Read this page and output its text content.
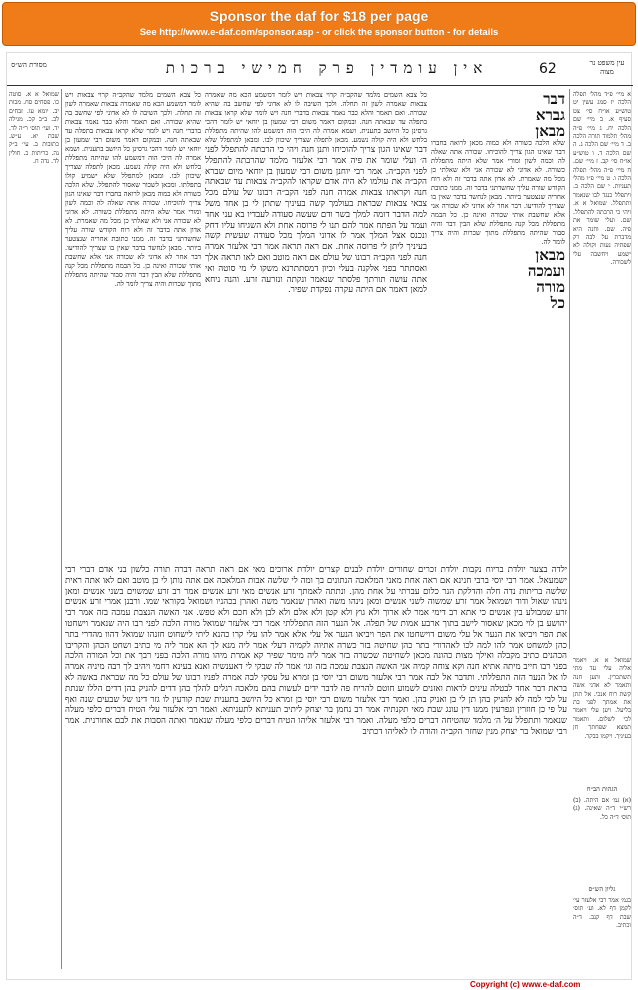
Sponsor the daf for $18 per page
See http://www.e-daf.com/sponsor.asp - or click the sponsor button - for details
מסורת הש״ס	אין עומדין פרק חמישי ברכות	62	עין משפט נר מצוה
א מיי׳ פ״ד מהל׳ תפלה הלכה יז סמג עשין יט טוש״ע או״ח סי׳ צט סעיף א. ב מיי׳ שם הלכה יח. ג מיי׳ פ״ה מהל׳ תלמוד תורה הלכה ב. ד מיי׳ שם הלכה ג. ה שם הלכה ד. ו טוש״ע או״ח סי׳ קב. ז מיי׳ שם. ח מיי׳ פ״ה מהל׳ תפלה הלכה ו. ט מיי׳ פ״ו מהל׳ תעניות. י שם הלכה ב. ויתפלל כנגד לבו שנאמר ותתפלל. שמואל א א. ויהי כי הרבתה להתפלל. שם. ועלי שומר את פיה. שם. וחנה היא מדברת על לבה רק שפתיה נעות וקולה לא ישמע ויחשבה עלי לשכורה.
דבר
גברא
מבאן
שלא הלכה כשורה ולא כמוה מכאן לרואה בחברו דבר שאינו הגון צריך להוכיחו. שכורה אתה שאלה לה וכמה לשון ומורי אמר שלא היתה מתפללת כשורה. לא אדוני לא שכורה אני ולא שאלתי כן מכל מה שאמרת. לא אדון אתה בדבר זה ולא רוח הקודש שורה עליך שחשדתני בדבר זה. ממני כתובת אחריה שנצטער ביותר. מבאן לנחשד בדבר שאין בו שצריך להודיעו. דבר אחר לא אדוני לא שכורה אני אלא שחשבת אותי שכורה ואינה כן. כל הבמה מתפללת מכל קנה מתפללת שלא הבין דבר והיה סבור שהיתה מתפללת מתוך שכרות והיה צריך לומר לה.
מבאן
ועמכה
מורה
כל
דבר שאינו הגון צריך להוכיחו ותנן חנה ויהי כי הרבתה להתפלל לפני ה׳ ועלי שומר את פיה אמר רבי אלעזר מלמד שהרבתה להתפלל לפני הקב״ה. אמר רבי יוחנן משום רבי שמעון בן יוחאי מיום שברא הקב״ה את עולמו לא היה אדם שקראו להקב״ה צבאות עד שבאתה חנה וקראתו צבאות אמרה חנה לפני הקב״ה רבונו של עולם מכל צבאי צבאות שבראת בעולמך קשה בעיניך שתתן לי בן אחד משל למה הדבר דומה למלך בשר ודם שעשה סעודה לעבדיו בא עני אחד ועמד על הפתח אמר להם תנו לי פרוסה אחת ולא השגיחו עליו דחק ונכנס אצל המלך אמר לו אדוני המלך מכל סעודה שעשית קשה בעיניך ליתן לי פרוסה אחת. אם ראה תראה אמר רבי אלעזר אמרה חנה לפני הקב״ה רבונו של עולם אם ראה מוטב ואם לאו תראה אלך ואסתתר בפני אלקנה בעלי וכיון דמסתתרנא משקו לי מי סוטה ואי אתה עושה תורתך פלסתר שנאמר ונקתה ונזרעה זרע. והנה ניחא למאן דאמר אם היתה עקרה נפקדת שפיר.
כל צבא השמים מלמד שהקב״ה קרוי צבאות ויש לומר דמשמע הכא מה שאמרה צבאות שאמרה לשון זה תחלה. ולכך השיבה לו לא אדוני לפי שחשב בה שהיא שכורה. ואם תאמר והלא כבר נאמר צבאות בדברי חנה ויש לומר שלא קראו צבאות בתפלה עד שבאתה חנה. ובמקום דאמר משום רבי שמעון בן יוחאי יש לומר דהכי גרסינן כל היושב בתענית. ושמא אמרה לה היכי הוה דמשמע להו שהיתה מתפללת בלחש ולא היה קולה נשמע. מכאן לתפלה שצריך שיכוון לבו. ומבאן למתפלל שלא
כל צבא השמים מלמד שהקב״ה קרוי צבאות ויש לומר דמשמע הכא מה שאמרה צבאות שאמרה לשון זה תחלה. ולכך השיבה לו לא אדוני לפי שחשב בה שהיא שכורה. ואם תאמר והלא כבר נאמר צבאות בדברי חנה ויש לומר שלא קראו צבאות בתפלה עד שבאתה חנה. ובמקום דאמר משום רבי שמעון בן יוחאי יש לומר דהכי גרסינן כל היושב בתענית. ושמא אמרה לה היכי הוה דמשמע להו שהיתה מתפללת בלחש ולא היה קולה נשמע. מכאן לתפלה שצריך שיכוון לבו. ומבאן למתפלל שלא ישמיע קולו בתפלתו. ומכאן לשכור שאסור להתפלל. שלא הלכה כשורה ולא כמוה מכאן לרואה בחברו דבר שאינו הגון צריך להוכיחו. שכורה אתה שאלה לה וכמה לשון ומורי אמר שלא היתה מתפללת כשורה. לא אדוני לא שכורה אני ולא שאלתי כן מכל מה שאמרת. לא אדון אתה בדבר זה ולא רוח הקודש שורה עליך שחשדתני בדבר זה. ממני כתובת אחריה שנצטער ביותר. מבאן לנחשד בדבר שאין בו שצריך להודיעו. דבר אחר לא אדוני לא שכורה אני אלא שחשבת אותי שכורה ואינה כן. כל הבמה מתפללת מכל קנה מתפללת שלא הבין דבר והיה סבור שהיתה מתפללת מתוך שכרות והיה צריך לומר לה.
שמואל א א. סוטה כו. פסחים סח. מכות יב. יומא עו. זבחים לב. ב״ב קכ. מגילה יד. ועי׳ תוס׳ ר״ה לד. שבת יא. ע״ש. כתובות ב. עי׳ ב״ק נה. כריתות כ. חולין לד. נדה ח.
ילדה בצער יולדת בריוח נקבות יולדת זכרים שחורים יולדת לבנים קצרים יולדת ארוכים מאי אם ראה תראה דברה תורה כלשון בני אדם דברי רבי ישמעאל. אמר רבי יוסי ברבי חנינא אם ראה אחת מאני המלאכה הנתונים בך ומה לי שלשה אבות המלאכה אם אתה נותן לי בן מוטב ואם לאו אתה ראית שלשה בריתות נדה חלה והדלקת הנר כלום עברתי על אחת מהן. ונתתה לאמתך זרע אנשים מאי זרע אנשים אמר רב זרע שמשוים בשני אנשים ומאן נינהו שאול ודוד ושמואל אמר זרע שמשוה לשני אנשים ומאן נינהו משה ואהרן שנאמר משה ואהרן בכהניו ושמואל בקוראי שמו. ורבנן אמרי זרע אנשים זרע שמבולע בין אנשים כי אתא רב דימי אמר לא ארוך ולא גוץ ולא קטן ולא אלם ולא לבן ולא חכם ולא טפש. אני האשה הנצבת עמכה בזה אמר רבי יהושע בן לוי מכאן שאסור לישב בתוך ארבע אמות של תפלה. אל הנער הזה התפללתי אמר רבי אלעזר שמואל מורה הלכה לפני רבו היה שנאמר וישחטו את הפר ויביאו את הנער אל עלי משום דוישחטו את הפר ויביאו הנער אל עלי אלא אמר להו עלי קרו כהנא ליתי לישחוט חזנהו שמואל דהוו מהדרי בתר כהן למשחט אמר להו למה לכו לאהדורי בתר כהן שחיטה בזר כשרה אתיוה לקמיה דעלי אמר ליה מנא לך הא אמר ליה מי כתיב ושחט הכהן והקריבו הכהנים כתיב מקבלה ואילך מצות כהונה מכאן לשחיטה שכשרה בזר אמר ליה מימר שפיר קא אמרת מיהו מורה הלכה בפני רבך את וכל המורה הלכה בפני רבו חייב מיתה אתיא חנה וקא צוחה קמיה אני האשה הנצבת עמכה בזה וגו׳ אמר לה שבקי לי דאענשיה ואנא בעינא רחמי ויהיב לך רבה מיניה אמרה לו אל הנער הזה התפללתי. ותדבר אל לבה אמר רבי אלעזר משום רבי יוסי בן זמרא על עסקי לבה אמרה לפניו רבונו של עולם כל מה שבראת באשה לא בראת דבר אחד לבטלה עינים לראות ואזנים לשמוע חוטם להריח פה לדבר ידים לעשות בהם מלאכה רגלים להלך בהן דדים להניק בהן דדים הללו שנתת על לבי למה לא להניק בהן תן לי בן ואניק בהן. ואמר רבי אלעזר משום רבי יוסי בן זמרא כל היושב בתענית שבת קורעין לו גזר דינו של שבעים שנה ואף על פי כן חוזרין ונפרעין ממנו דין עונג שבת מאי תקנתיה אמר רב נחמן בר יצחק ליתיב תעניתא לתעניתא. ואמר רבי אלעזר עלי הטיח דברים כלפי מעלה שנאמר ותתפלל על ה׳ מלמד שהטיחה דברים כלפי מעלה. ואמר רבי אלעזר אליהו הטיח דברים כלפי מעלה שנאמר ואתה הסבות את לבם אחורנית. אמר רבי שמואל בר יצחק מנין שחזר הקב״ה והודה לו לאליהו דכתיב
שמואל א א. ויאמר אליה עלי עד מתי תשתכרין. ותען חנה ותאמר לא אדני אשה קשת רוח אנכי. אל תתן את אמתך לפני בת בליעל. ויען עלי ויאמר לכי לשלום. ותאמר תמצא שפחתך חן בעיניך. ויקמו בבקר.
הגהות הב״ח
(א) גמ׳ אם היתה. (ב) רש״י ד״ה שאינה. (ג) תוס׳ ד״ה כל.
גליון הש״ס
בגמ׳ אמר רבי אלעזר עי׳ לקמן דף לא. וע׳ תוס׳ שבת דף קנב. ד״ה וכתיב.
Copyright (c) www.e-daf.com
